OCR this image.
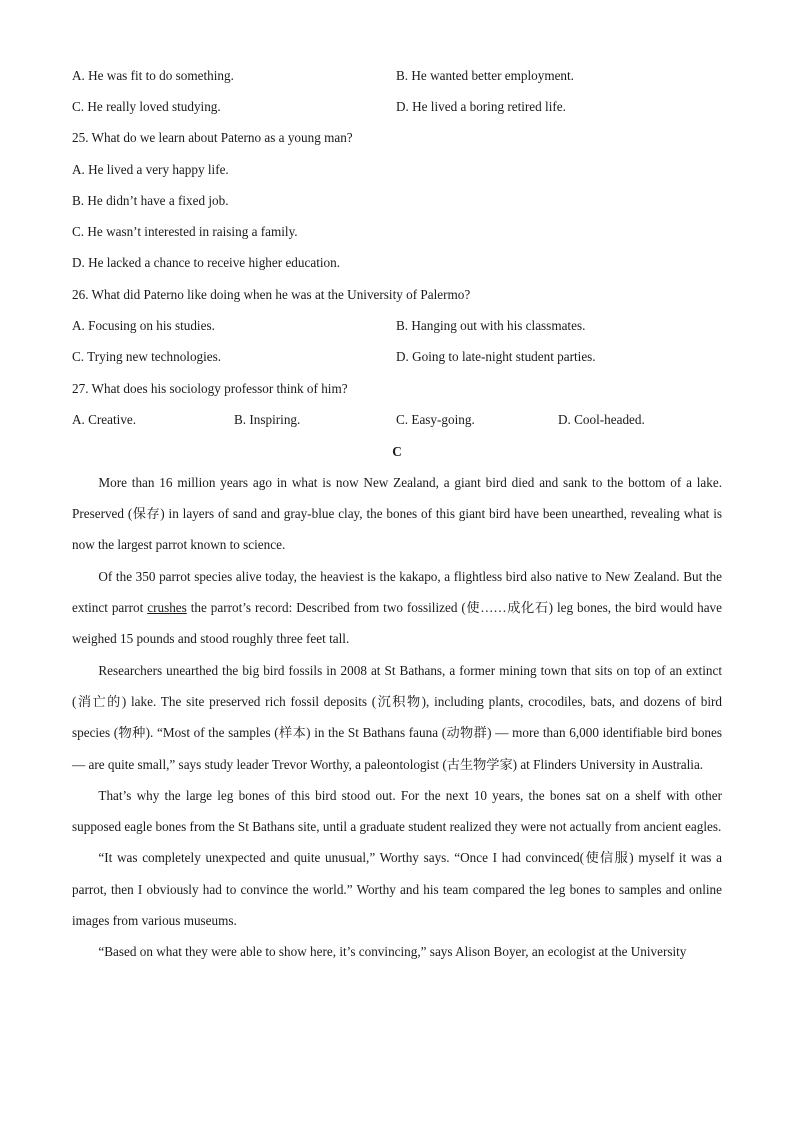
A. He was fit to do something.	B. He wanted better employment.
C. He really loved studying.	D. He lived a boring retired life.
25. What do we learn about Paterno as a young man?
A. He lived a very happy life.
B. He didn’t have a fixed job.
C. He wasn’t interested in raising a family.
D. He lacked a chance to receive higher education.
26. What did Paterno like doing when he was at the University of Palermo?
A. Focusing on his studies.	B. Hanging out with his classmates.
C. Trying new technologies.	D. Going to late-night student parties.
27. What does his sociology professor think of him?
A. Creative.	B. Inspiring.	C. Easy-going.	D. Cool-headed.
C

More than 16 million years ago in what is now New Zealand, a giant bird died and sank to the bottom of a lake. Preserved (保存) in layers of sand and gray-blue clay, the bones of this giant bird have been unearthed, revealing what is now the largest parrot known to science.

Of the 350 parrot species alive today, the heaviest is the kakapo, a flightless bird also native to New Zealand. But the extinct parrot crushes the parrot’s record: Described from two fossilized (使……成化石) leg bones, the bird would have weighed 15 pounds and stood roughly three feet tall.

Researchers unearthed the big bird fossils in 2008 at St Bathans, a former mining town that sits on top of an extinct (消亡的) lake. The site preserved rich fossil deposits (沉积物), including plants, crocodiles, bats, and dozens of bird species (物种). “Most of the samples (样本) in the St Bathans fauna (动物群) — more than 6,000 identifiable bird bones — are quite small,” says study leader Trevor Worthy, a paleontologist (古生物学家) at Flinders University in Australia.

That’s why the large leg bones of this bird stood out. For the next 10 years, the bones sat on a shelf with other supposed eagle bones from the St Bathans site, until a graduate student realized they were not actually from ancient eagles.

“It was completely unexpected and quite unusual,” Worthy says. “Once I had convinced(使信服) myself it was a parrot, then I obviously had to convince the world.” Worthy and his team compared the leg bones to samples and online images from various museums.

“Based on what they were able to show here, it’s convincing,” says Alison Boyer, an ecologist at the University
